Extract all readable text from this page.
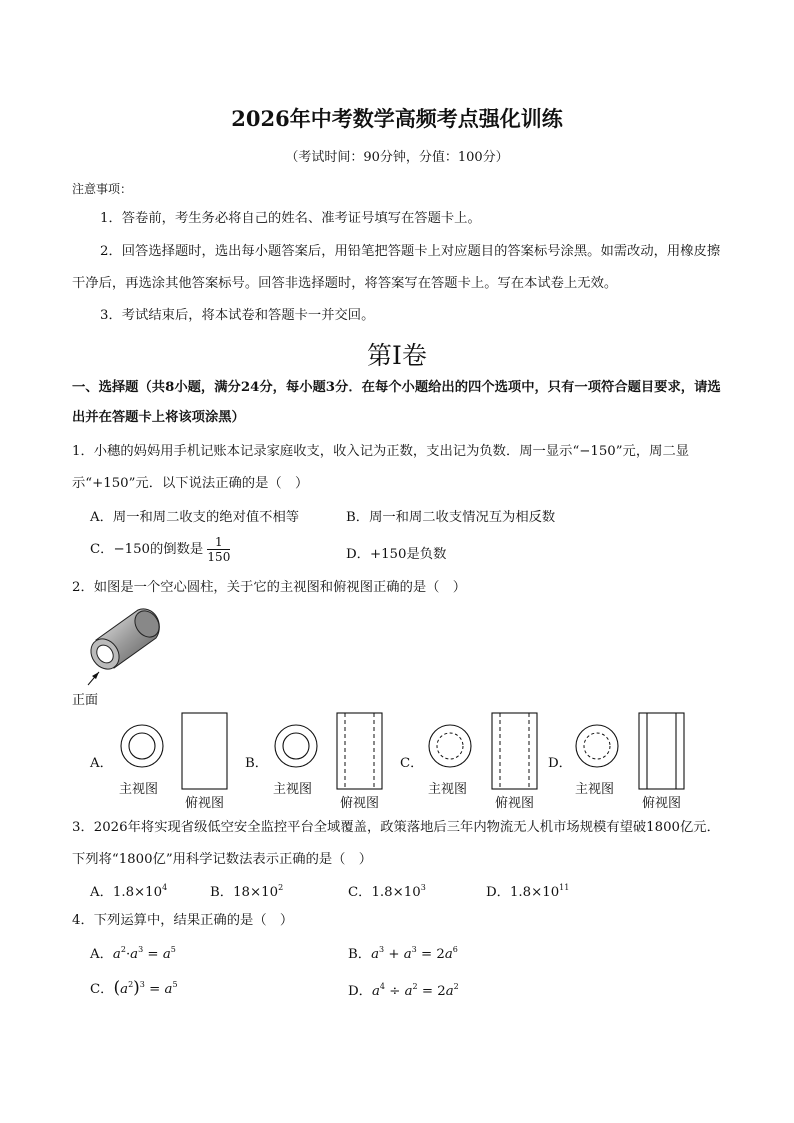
2026年中考数学高频考点强化训练
（考试时间：90分钟，分值：100分）
注意事项：
1．答卷前，考生务必将自己的姓名、准考证号填写在答题卡上。
2．回答选择题时，选出每小题答案后，用铅笔把答题卡上对应题目的答案标号涂黑。如需改动，用橡皮擦干净后，再选涂其他答案标号。回答非选择题时，将答案写在答题卡上。写在本试卷上无效。
3．考试结束后，将本试卷和答题卡一并交回。
第Ⅰ卷
一、选择题（共8小题，满分24分，每小题3分．在每个小题给出的四个选项中，只有一项符合题目要求，请选出并在答题卡上将该项涂黑）
1．小穗的妈妈用手机记账本记录家庭收支，收入记为正数，支出记为负数．周一显示“−150”元，周二显示“+150”元．以下说法正确的是（　）
A．周一和周二收支的绝对值不相等	B．周一和周二收支情况互为相反数
C．−150的倒数是 $\frac{1}{150}$	D．+150是负数
2．如图是一个空心圆柱，关于它的主视图和俯视图正确的是（　）
正面
A．
主视图
俯视图
B．
主视图
俯视图
C．
主视图
俯视图
D．
主视图
俯视图
3．2026年将实现省级低空安全监控平台全域覆盖，政策落地后三年内物流无人机市场规模有望破1800亿元．下列将“1800亿”用科学记数法表示正确的是（　）
A．$1.8\times 10^4$	B．$18\times 10^2$	C．$1.8\times 10^3$	D．$1.8\times 10^{11}$
4．下列运算中，结果正确的是（　）
A．$a^2\cdot a^3 = a^5$	B．$a^3 + a^3 = 2a^6$
C．$(a^2)^3 = a^5$	D．$a^4 \div a^2 = 2a^2$
